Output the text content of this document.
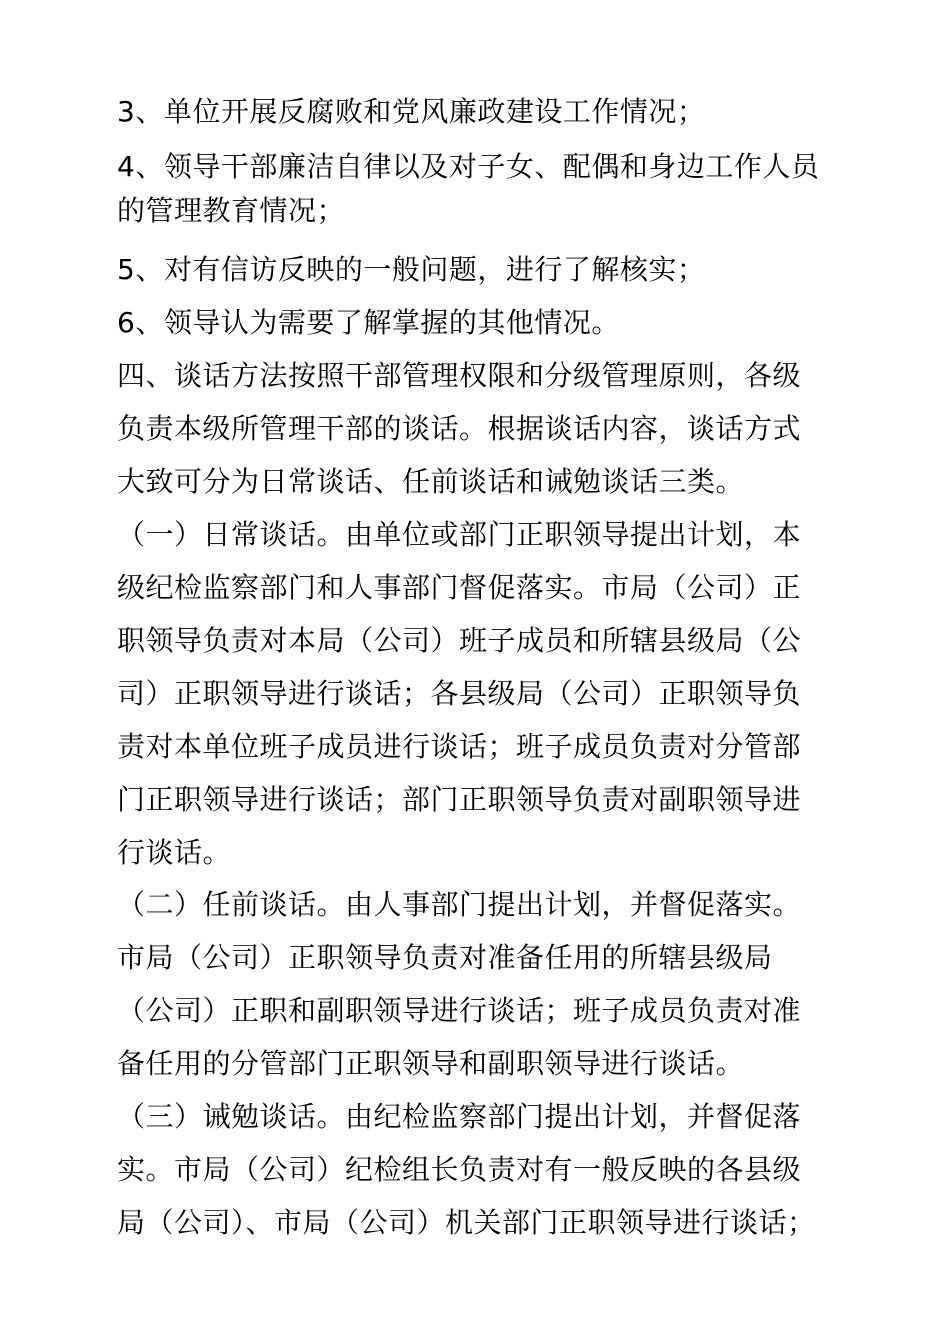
3、单位开展反腐败和党风廉政建设工作情况；

4、领导干部廉洁自律以及对子女、配偶和身边工作人员

的管理教育情况；

5、对有信访反映的一般问题，进行了解核实；

6、领导认为需要了解掌握的其他情况。

四、谈话方法按照干部管理权限和分级管理原则，各级

负责本级所管理干部的谈话。根据谈话内容，谈话方式

大致可分为日常谈话、任前谈话和诫勉谈话三类。

（一）日常谈话。由单位或部门正职领导提出计划，本

级纪检监察部门和人事部门督促落实。市局（公司）正

职领导负责对本局（公司）班子成员和所辖县级局（公

司）正职领导进行谈话；各县级局（公司）正职领导负

责对本单位班子成员进行谈话；班子成员负责对分管部

门正职领导进行谈话；部门正职领导负责对副职领导进

行谈话。

（二）任前谈话。由人事部门提出计划，并督促落实。

市局（公司）正职领导负责对准备任用的所辖县级局

（公司）正职和副职领导进行谈话；班子成员负责对准

备任用的分管部门正职领导和副职领导进行谈话。

（三）诫勉谈话。由纪检监察部门提出计划，并督促落

实。市局（公司）纪检组长负责对有一般反映的各县级

局（公司）、市局（公司）机关部门正职领导进行谈话；
